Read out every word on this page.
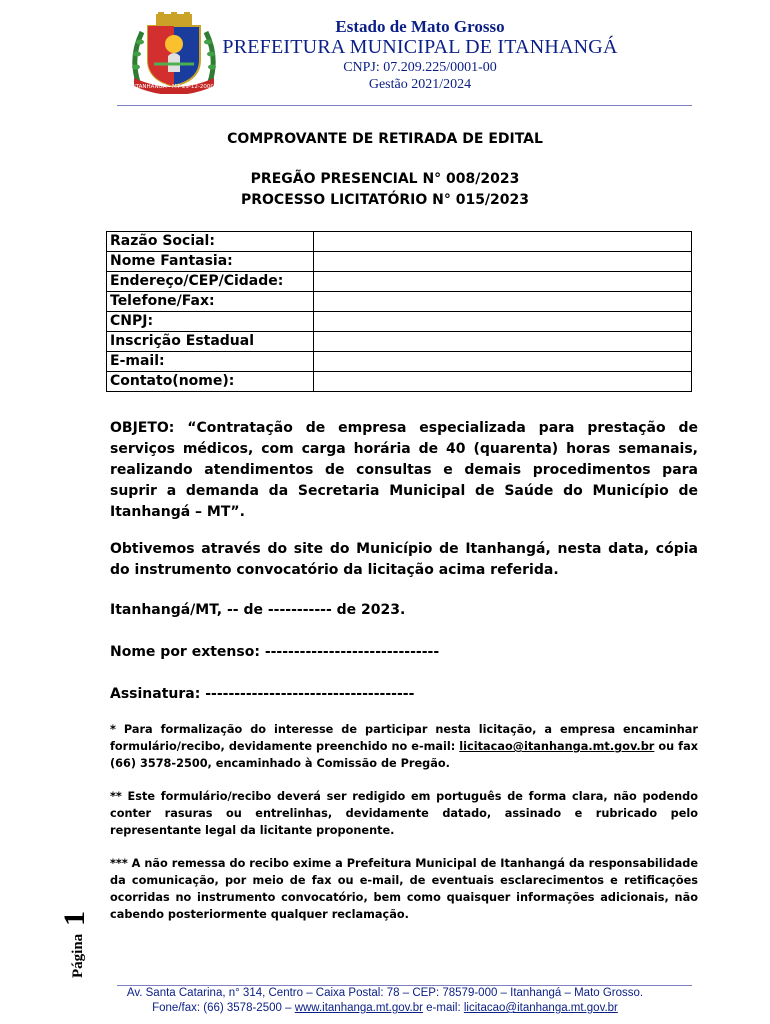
ITANHANGÁ - MT 29-12-2000
Estado de Mato Grosso
PREFEITURA MUNICIPAL DE ITANHANGÁ
CNPJ: 07.209.225/0001-00
Gestão 2021/2024
COMPROVANTE DE RETIRADA DE EDITAL
PREGÃO PRESENCIAL N° 008/2023
PROCESSO LICITATÓRIO N° 015/2023
Razão Social:	
Nome Fantasia:	
Endereço/CEP/Cidade:	
Telefone/Fax:	
CNPJ:	
Inscrição Estadual	
E-mail:	
Contato(nome):	
OBJETO: “Contratação de empresa especializada para prestação de serviços médicos, com carga horária de 40 (quarenta) horas semanais, realizando atendimentos de consultas e demais procedimentos para suprir a demanda da Secretaria Municipal de Saúde do Município de Itanhangá – MT”.
Obtivemos através do site do Município de Itanhangá, nesta data, cópia do instrumento convocatório da licitação acima referida.
Itanhangá/MT, -- de ----------- de 2023.
Nome por extenso: ------------------------------
Assinatura: ------------------------------------
* Para formalização do interesse de participar nesta licitação, a empresa encaminhar formulário/recibo, devidamente preenchido no e-mail: licitacao@itanhanga.mt.gov.br ou fax (66) 3578-2500, encaminhado à Comissão de Pregão.
** Este formulário/recibo deverá ser redigido em português de forma clara, não podendo conter rasuras ou entrelinhas, devidamente datado, assinado e rubricado pelo representante legal da licitante proponente.
*** A não remessa do recibo exime a Prefeitura Municipal de Itanhangá da responsabilidade da comunicação, por meio de fax ou e-mail, de eventuais esclarecimentos e retificações ocorridas no instrumento convocatório, bem como quaisquer informações adicionais, não cabendo posteriormente qualquer reclamação.
Página
1
Av. Santa Catarina, n° 314, Centro – Caixa Postal: 78 – CEP: 78579-000 – Itanhangá – Mato Grosso.
Fone/fax: (66) 3578-2500 – www.itanhanga.mt.gov.br e-mail: licitacao@itanhanga.mt.gov.br
